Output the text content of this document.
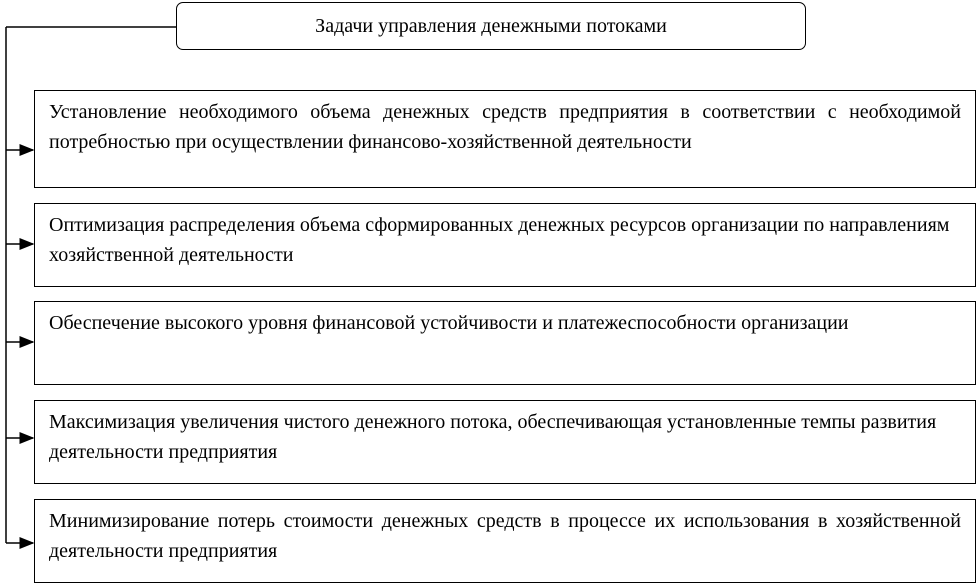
Задачи управления денежными потоками
Установление необходимого объема денежных средств предприятия в соответствии с необходимой потребностью при осуществлении финансово-хозяйственной деятельности
Оптимизация распределения объема сформированных денежных ресурсов организации по направлениям хозяйственной деятельности
Обеспечение высокого уровня финансовой устойчивости и платежеспособности организации
Максимизация увеличения чистого денежного потока, обеспечивающая установленные темпы развития деятельности предприятия
Минимизирование потерь стоимости денежных средств в процессе их использования в хозяйственной деятельности предприятия
